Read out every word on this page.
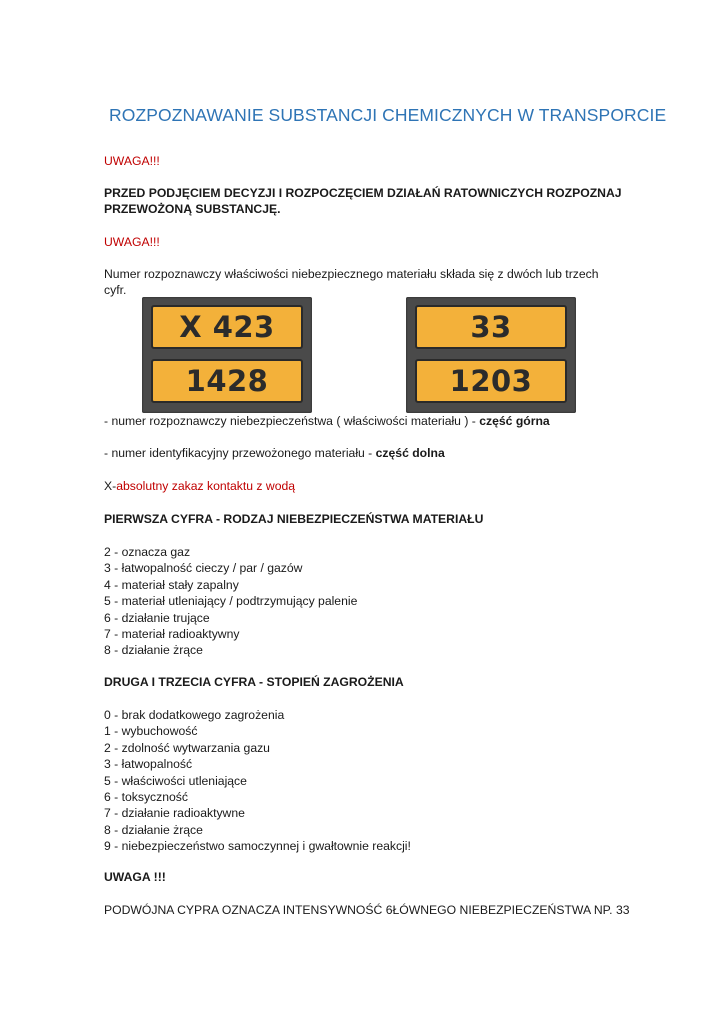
ROZPOZNAWANIE SUBSTANCJI CHEMICZNYCH W TRANSPORCIE
UWAGA!!!
PRZED PODJĘCIEM DECYZJI I ROZPOCZĘCIEM DZIAŁAŃ RATOWNICZYCH ROZPOZNAJ
PRZEWOŻONĄ SUBSTANCJĘ.
UWAGA!!!
Numer rozpoznawczy właściwości niebezpiecznego materiału składa się z dwóch lub trzech
cyfr.
X 423
1428
33
1203
- numer rozpoznawczy niebezpieczeństwa ( właściwości materiału ) - część górna
- numer identyfikacyjny przewożonego materiału - część dolna
X-absolutny zakaz kontaktu z wodą
PIERWSZA CYFRA - RODZAJ NIEBEZPIECZEŃSTWA MATERIAŁU
2 - oznacza gaz
3 - łatwopalność cieczy / par / gazów
4 - materiał stały zapalny
5 - materiał utleniający / podtrzymujący palenie
6 - działanie trujące
7 - materiał radioaktywny
8 - działanie żrące
DRUGA I TRZECIA CYFRA - STOPIEŃ ZAGROŻENIA
0 - brak dodatkowego zagrożenia
1 - wybuchowość
2 - zdolność wytwarzania gazu
3 - łatwopalność
5 - właściwości utleniające
6 - toksyczność
7 - działanie radioaktywne
8 - działanie żrące
9 - niebezpieczeństwo samoczynnej i gwałtownie reakcji!
UWAGA !!!
PODWÓJNA CYPRA OZNACZA INTENSYWNOŚĆ 6ŁÓWNEGO NIEBEZPIECZEŃSTWA NP. 33
